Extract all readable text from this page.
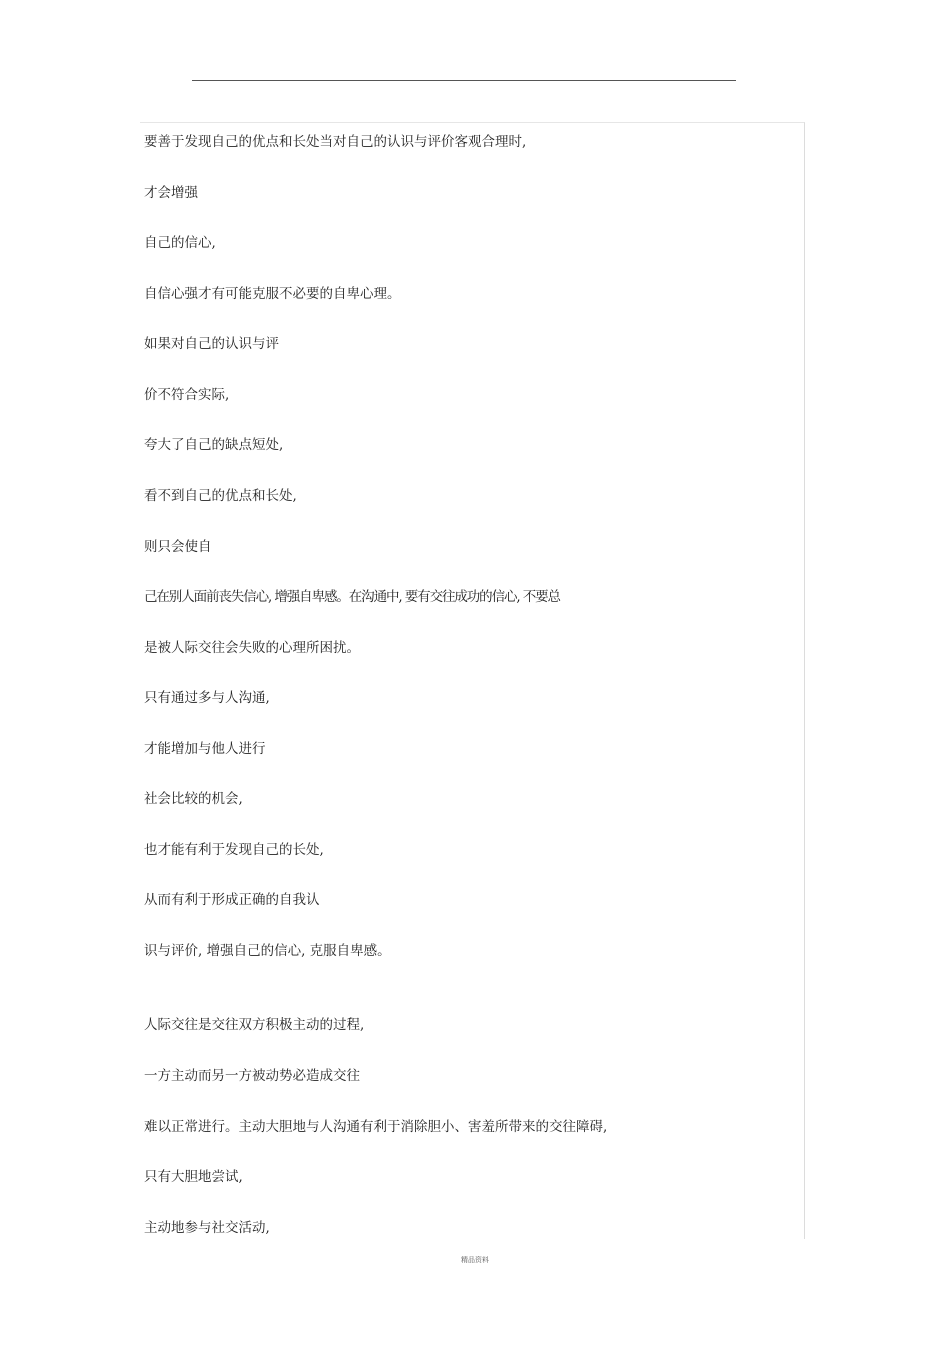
要善于发现自己的优点和长处当对自己的认识与评价客观合理时,
才会增强
自己的信心,
自信心强才有可能克服不必要的自卑心理。
如果对自己的认识与评
价不符合实际,
夸大了自己的缺点短处,
看不到自己的优点和长处,
则只会使自
己在别人面前丧失信心, 增强自卑感。在沟通中, 要有交往成功的信心, 不要总
是被人际交往会失败的心理所困扰。
只有通过多与人沟通,
才能增加与他人进行
社会比较的机会,
也才能有利于发现自己的长处,
从而有利于形成正确的自我认
识与评价, 增强自己的信心, 克服自卑感。
人际交往是交往双方积极主动的过程,
一方主动而另一方被动势必造成交往
难以正常进行。主动大胆地与人沟通有利于消除胆小、害羞所带来的交往障碍,
只有大胆地尝试,
主动地参与社交活动,
精品资料
